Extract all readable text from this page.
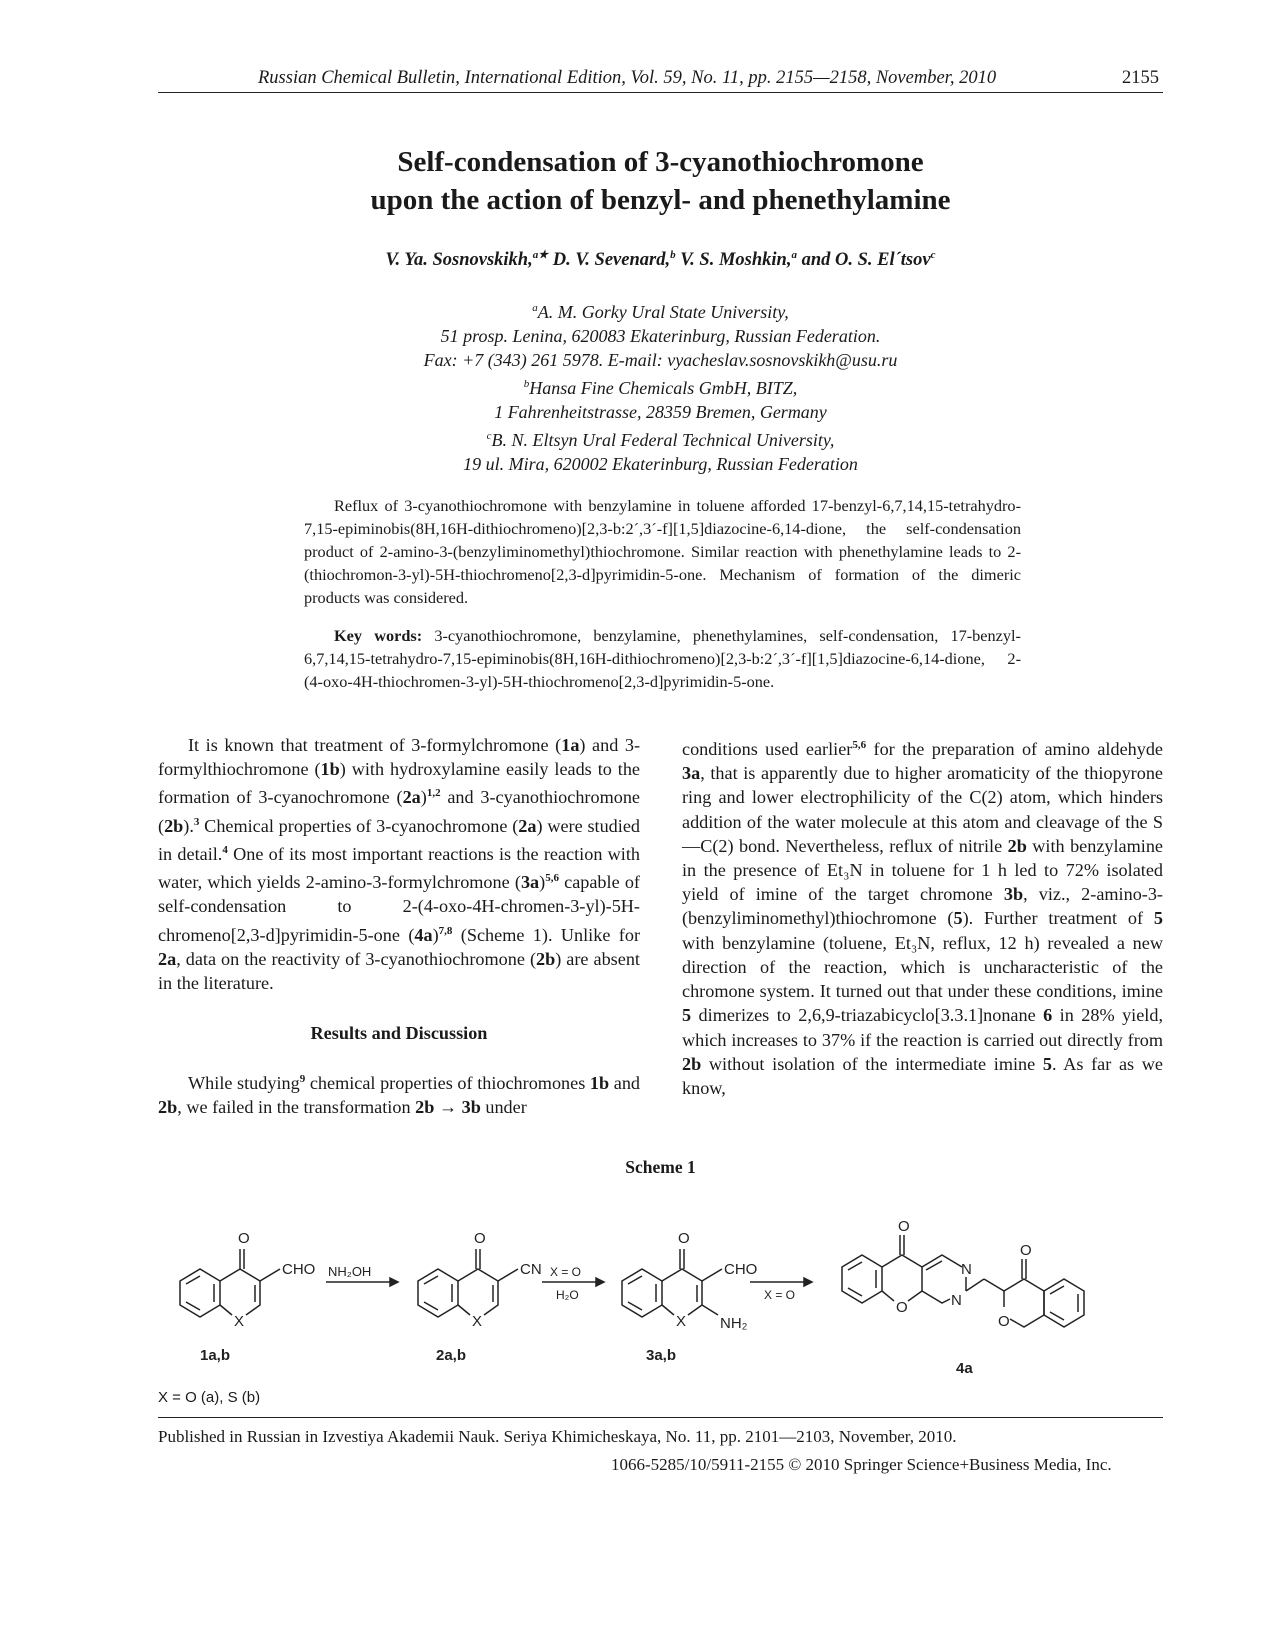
Russian Chemical Bulletin, International Edition, Vol. 59, No. 11, pp. 2155—2158, November, 2010	2155
Self-condensation of 3-cyanothiochromone
upon the action of benzyl- and phenethylamine
V. Ya. Sosnovskikh,$^{a★}$ D. V. Sevenard,$^b$ V. S. Moshkin,$^a$ and O. S. El´tsov$^c$
$^a$A. M. Gorky Ural State University,
51 prosp. Lenina, 620083 Ekaterinburg, Russian Federation.
Fax: +7 (343) 261 5978. E-mail: vyacheslav.sosnovskikh@usu.ru
$^b$Hansa Fine Chemicals GmbH, BITZ,
1 Fahrenheitstrasse, 28359 Bremen, Germany
$^c$B. N. Eltsyn Ural Federal Technical University,
19 ul. Mira, 620002 Ekaterinburg, Russian Federation
Reflux of 3-cyanothiochromone with benzylamine in toluene afforded 17-benzyl-6,7,14,15-tetrahydro-7,15-epiminobis(8H,16H-dithiochromeno)[2,3-b:2´,3´-f][1,5]diazocine-6,14-dione, the self-condensation product of 2-amino-3-(benzyliminomethyl)thiochromone. Similar reaction with phenethylamine leads to 2-(thiochromon-3-yl)-5H-thiochromeno[2,3-d]pyrimidin-5-one. Mechanism of formation of the dimeric products was considered.
Key words: 3-cyanothiochromone, benzylamine, phenethylamines, self-condensation, 17-benzyl-6,7,14,15-tetrahydro-7,15-epiminobis(8H,16H-dithiochromeno)[2,3-b:2´,3´-f][1,5]diazocine-6,14-dione, 2-(4-oxo-4H-thiochromen-3-yl)-5H-thiochromeno[2,3-d]pyrimidin-5-one.
It is known that treatment of 3-formylchromone (1a) and 3-formylthiochromone (1b) with hydroxylamine easily leads to the formation of 3-cyanochromone (2a)$^{1,2}$ and 3-cyanothiochromone (2b).$^3$ Chemical properties of 3-cyanochromone (2a) were studied in detail.$^4$ One of its most important reactions is the reaction with water, which yields 2-amino-3-formylchromone (3a)$^{5,6}$ capable of self-condensation to 2-(4-oxo-4H-chromen-3-yl)-5H-chromeno[2,3-d]pyrimidin-5-one (4a)$^{7,8}$ (Scheme 1). Unlike for 2a, data on the reactivity of 3-cyanothiochromone (2b) are absent in the literature.
Results and Discussion
While studying$^9$ chemical properties of thiochromones 1b and 2b, we failed in the transformation 2b → 3b under
conditions used earlier$^{5,6}$ for the preparation of amino aldehyde 3a, that is apparently due to higher aromaticity of the thiopyrone ring and lower electrophilicity of the C(2) atom, which hinders addition of the water molecule at this atom and cleavage of the S—C(2) bond. Nevertheless, reflux of nitrile 2b with benzylamine in the presence of Et₃N in toluene for 1 h led to 72% isolated yield of imine of the target chromone 3b, viz., 2-amino-3-(benzyliminomethyl)thiochromone (5). Further treatment of 5 with benzylamine (toluene, Et₃N, reflux, 12 h) revealed a new direction of the reaction, which is uncharacteristic of the chromone system. It turned out that under these conditions, imine 5 dimerizes to 2,6,9-triazabicyclo[3.3.1]nonane 6 in 28% yield, which increases to 37% if the reaction is carried out directly from 2b without isolation of the intermediate imine 5. As far as we know,
Scheme 1
O
CHO
X
1a,b
NH₂OH
O
CN
X
2a,b
X = O
H₂O
O
CHO
X NH₂
3a,b
X = O
O
O
O
O
N
N
4a
X = O (a), S (b)
Published in Russian in Izvestiya Akademii Nauk. Seriya Khimicheskaya, No. 11, pp. 2101—2103, November, 2010.
1066-5285/10/5911-2155 © 2010 Springer Science+Business Media, Inc.
